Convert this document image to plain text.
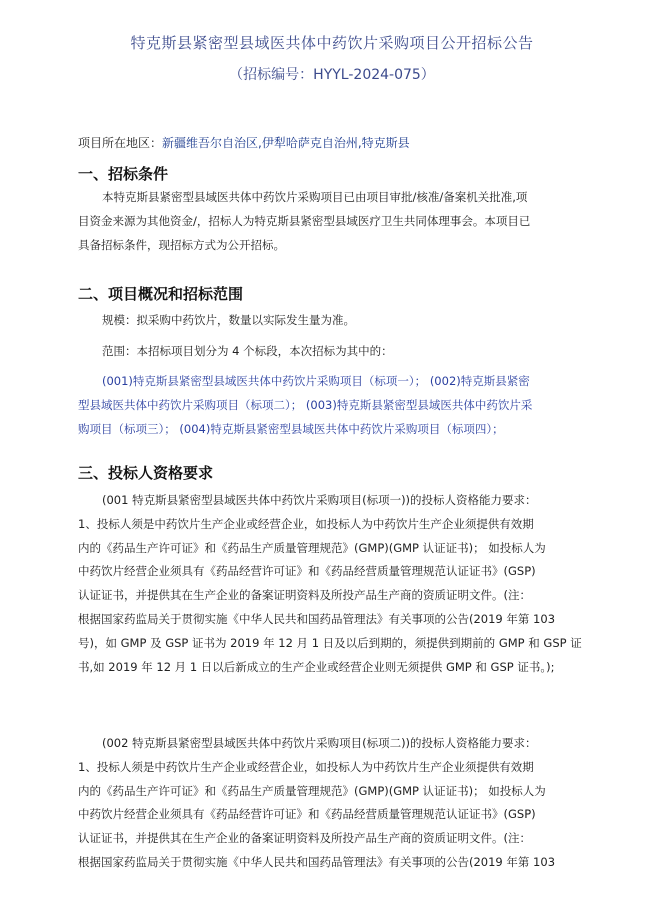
特克斯县紧密型县域医共体中药饮片采购项目公开招标公告
（招标编号：HYYL-2024-075）
项目所在地区：新疆维吾尔自治区,伊犁哈萨克自治州,特克斯县
一、招标条件
本特克斯县紧密型县域医共体中药饮片采购项目已由项目审批/核准/备案机关批准,项
目资金来源为其他资金/，招标人为特克斯县紧密型县域医疗卫生共同体理事会。本项目已
具备招标条件，现招标方式为公开招标。
二、项目概况和招标范围
规模：拟采购中药饮片，数量以实际发生量为准。
范围：本招标项目划分为 4 个标段，本次招标为其中的：
(001)特克斯县紧密型县域医共体中药饮片采购项目（标项一）； (002)特克斯县紧密
型县域医共体中药饮片采购项目（标项二）； (003)特克斯县紧密型县域医共体中药饮片采
购项目（标项三）； (004)特克斯县紧密型县域医共体中药饮片采购项目（标项四）；
三、投标人资格要求
(001 特克斯县紧密型县域医共体中药饮片采购项目(标项一))的投标人资格能力要求：
1、投标人须是中药饮片生产企业或经营企业，如投标人为中药饮片生产企业须提供有效期
内的《药品生产许可证》和《药品生产质量管理规范》(GMP)(GMP 认证证书)； 如投标人为
中药饮片经营企业须具有《药品经营许可证》和《药品经营质量管理规范认证证书》(GSP)
认证证书，并提供其在生产企业的备案证明资料及所投产品生产商的资质证明文件。(注：
根据国家药监局关于贯彻实施《中华人民共和国药品管理法》有关事项的公告(2019 年第 103
号)，如 GMP 及 GSP 证书为 2019 年 12 月 1 日及以后到期的，须提供到期前的 GMP 和 GSP 证
书,如 2019 年 12 月 1 日以后新成立的生产企业或经营企业则无须提供 GMP 和 GSP 证书。);
(002 特克斯县紧密型县域医共体中药饮片采购项目(标项二))的投标人资格能力要求：
1、投标人须是中药饮片生产企业或经营企业，如投标人为中药饮片生产企业须提供有效期
内的《药品生产许可证》和《药品生产质量管理规范》(GMP)(GMP 认证证书)； 如投标人为
中药饮片经营企业须具有《药品经营许可证》和《药品经营质量管理规范认证证书》(GSP)
认证证书，并提供其在生产企业的备案证明资料及所投产品生产商的资质证明文件。(注：
根据国家药监局关于贯彻实施《中华人民共和国药品管理法》有关事项的公告(2019 年第 103
